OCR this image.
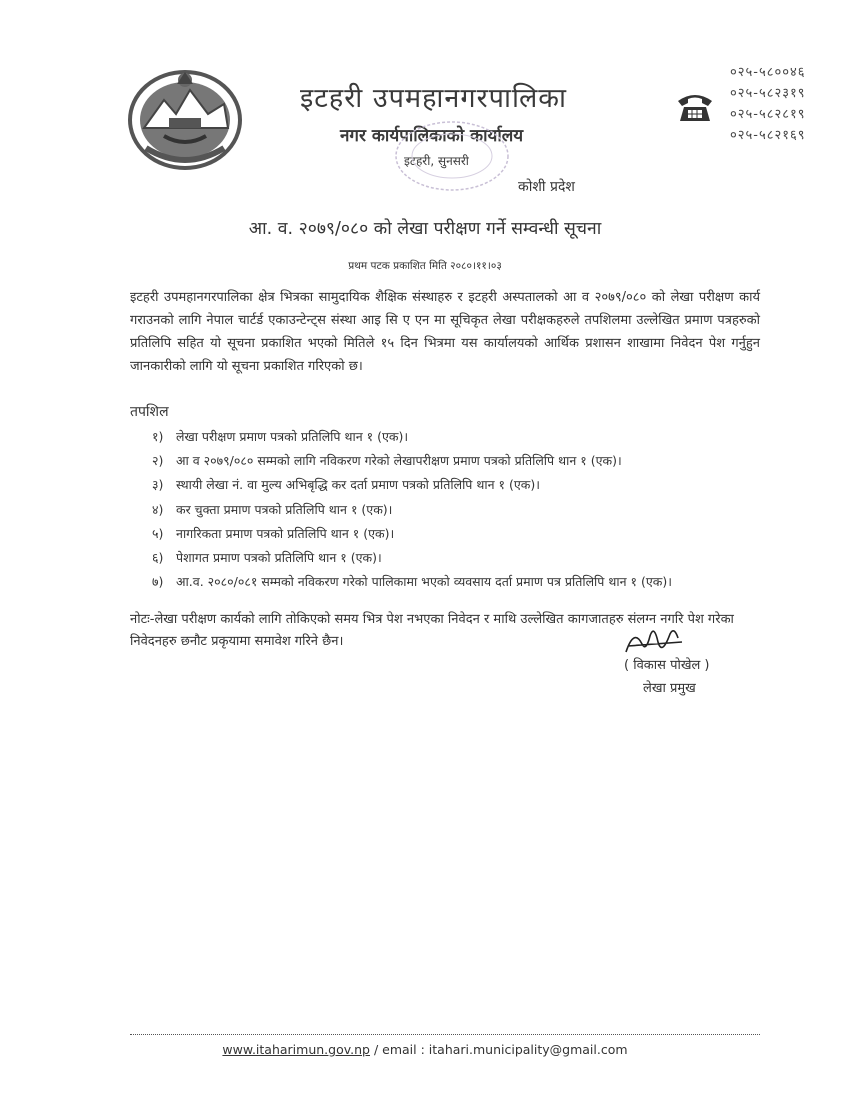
इटहरी उपमहानगरपालिका
नगर कार्यपालिकाको कार्यालय
इटहरी, सुनसरी
कोशी प्रदेश
०२५-५८००४६
०२५-५८२३१९
०२५-५८२८१९
०२५-५८२१६९
आ. व. २०७९/०८० को लेखा परीक्षण गर्ने सम्वन्धी सूचना
प्रथम पटक प्रकाशित मिति २०८०।११।०३

इटहरी उपमहानगरपालिका क्षेत्र भित्रका सामुदायिक शैक्षिक संस्थाहरु र इटहरी अस्पतालको आ व २०७९/०८० को लेखा परीक्षण कार्य गराउनको लागि नेपाल चार्टर्ड एकाउन्टेन्ट्स संस्था आइ सि ए एन मा सूचिकृत लेखा परीक्षकहरुले तपशिलमा उल्लेखित प्रमाण पत्रहरुको प्रतिलिपि सहित यो सूचना प्रकाशित भएको मितिले १५ दिन भित्रमा यस कार्यालयको आर्थिक प्रशासन शाखामा निवेदन पेश गर्नुहुन जानकारीको लागि यो सूचना प्रकाशित गरिएको छ।

तपशिल
१)	लेखा परीक्षण प्रमाण पत्रको प्रतिलिपि थान १ (एक)।
२)	आ व २०७९/०८० सम्मको लागि नविकरण गरेको लेखापरीक्षण प्रमाण पत्रको प्रतिलिपि थान १ (एक)।
३)	स्थायी लेखा नं. वा मुल्य अभिबृद्धि कर दर्ता प्रमाण पत्रको प्रतिलिपि थान १ (एक)।
४)	कर चुक्ता प्रमाण पत्रको प्रतिलिपि थान १ (एक)।
५)	नागरिकता प्रमाण पत्रको प्रतिलिपि थान १ (एक)।
६)	पेशागत प्रमाण पत्रको प्रतिलिपि थान १ (एक)।
७)	आ.व. २०८०/०८१ सम्मको नविकरण गरेको पालिकामा भएको व्यवसाय दर्ता प्रमाण पत्र प्रतिलिपि थान १ (एक)।

नोटः-लेखा परीक्षण कार्यको लागि तोकिएको समय भित्र पेश नभएका निवेदन र माथि उल्लेखित कागजातहरु संलग्न नगरि पेश गरेका निवेदनहरु छनौट प्रकृयामा समावेश गरिने छैन।

( विकास पोखेल )
लेखा प्रमुख
www.itaharimun.gov.np / email : itahari.municipality@gmail.com
